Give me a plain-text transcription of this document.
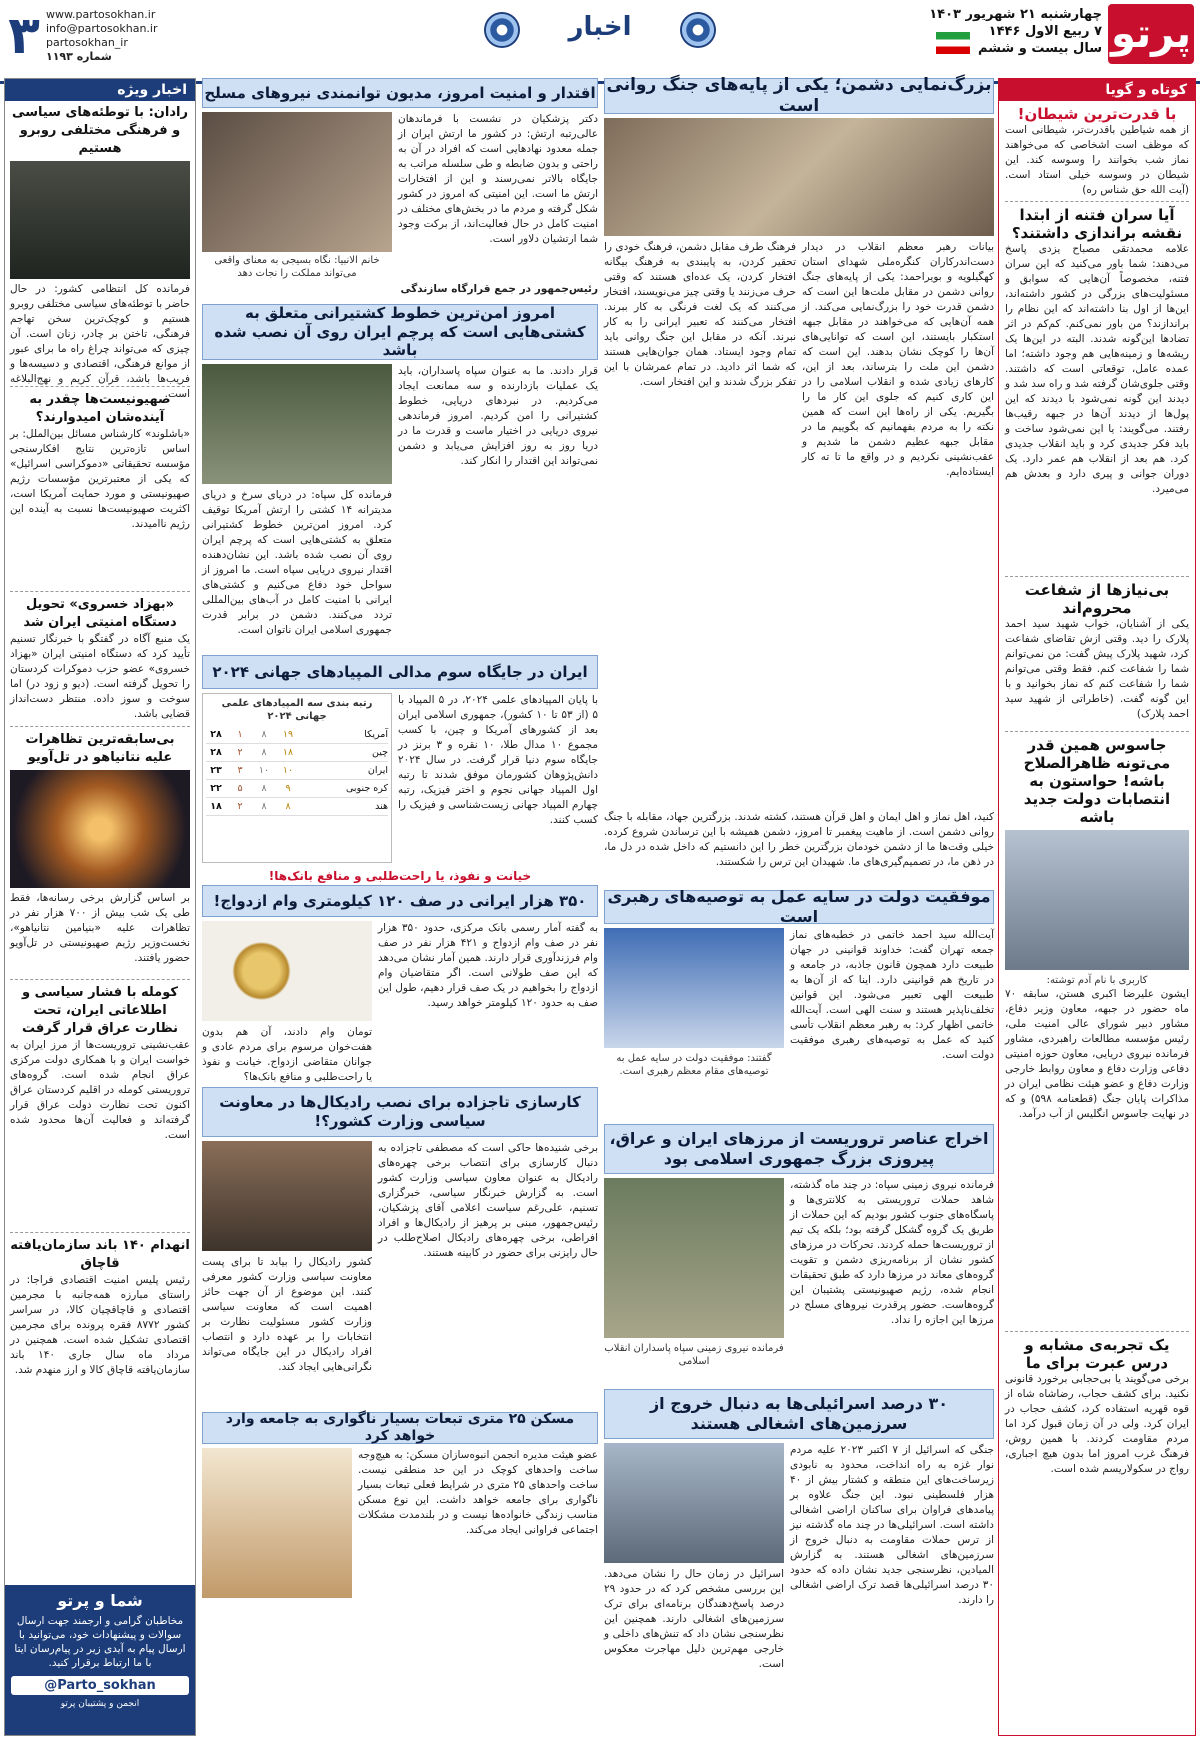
پرتو
چهارشنبه ۲۱ شهریور ۱۴۰۳
۷ ربیع الاول ۱۴۴۶
سال بیست و ششم
اخبار
۳ www.partosokhan.ir
info@partosokhan.ir
partosokhan_ir
شماره ۱۱۹۳
کوتاه و گویا
با قدرت‌ترین شیطان!
از همه شیاطین باقدرت‌تر، شیطانی است که موظف است اشخاصی که می‌خواهند نماز شب بخوانند را وسوسه کند. این شیطان در وسوسه خیلی استاد است. (آیت الله حق شناس ره)
آیا سران فتنه از ابتدا نقشه براندازی داشتند؟
علامه محمدتقی مصباح یزدی پاسخ می‌دهند: شما باور می‌کنید که این سران فتنه، مخصوصاً آن‌هایی که سوابق و مسئولیت‌های بزرگی در کشور داشته‌اند، این‌ها از اول بنا داشته‌اند که این نظام را براندازند؟ من باور نمی‌کنم. کم‌کم در اثر تضادها این‌گونه شدند. البته در این‌ها یک ریشه‌ها و زمینه‌هایی هم وجود داشته؛ اما عمده عامل، توقعاتی است که داشتند. وقتی جلوی‌شان گرفته شد و راه سد شد و دیدند این گونه نمی‌شود با دیدند که این پول‌ها از دیدند آن‌ها در جبهه رقیب‌ها رفتند. می‌گویند: یا این نمی‌شود ساخت و باید فکر جدیدی کرد و باید انقلاب جدیدی کرد. هم بعد از انقلاب هم عمر دارد. یک دوران جوانی و پیری دارد و بعدش هم می‌میرد.
بی‌نیازها از شفاعت محروم‌اند
یکی از آشنایان، خواب شهید سید احمد پلارک را دید. وقتی ازش تقاضای شفاعت کرد، شهید پلارک پیش گفت: من نمی‌توانم شما را شفاعت کنم. فقط وقتی می‌توانم شما را شفاعت کنم که نماز بخوانید و با این گونه گفت. (خاطراتی از شهید سید احمد پلارک)
جاسوس همین قدر می‌تونه ظاهرالصلاح باشه! حواستون به انتصابات دولت جدید باشه
کاربری با نام آدم توشته:
ایشون علیرضا اکبری هستن، سابقه ۷۰ ماه حضور در جبهه، معاون وزیر دفاع، مشاور دبیر شورای عالی امنیت ملی، رئیس مؤسسه مطالعات راهبردی، مشاور فرمانده نیروی دریایی، معاون حوزه امنیتی دفاعی وزارت دفاع و معاون روابط خارجی وزارت دفاع و عضو هیئت نظامی ایران در مذاکرات پایان جنگ (قطعنامه ۵۹۸) و که در نهایت جاسوس انگلیس از آب درآمد.
یک تجربه‌ی مشابه و درس عبرت برای ما
برخی می‌گویند یا بی‌حجابی برخورد قانونی نکنید. برای کشف حجاب، رضاشاه شاه از قوه قهریه استفاده کرد، کشف حجاب در ایران کرد. ولی در آن زمان قبول کرد اما مردم مقاومت کردند. با همین روش، فرهنگ غرب امروز اما بدون هیچ اجباری، رواج در سکولاریسم شده است.
بزرگ‌نمایی دشمن؛ یکی از پایه‌های جنگ روانی است
بیانات رهبر معظم انقلاب در دیدار دست‌اندرکاران کنگره‌ملی شهدای استان کهگیلویه و بویراحمد: یکی از پایه‌های جنگ روانی دشمن در مقابل ملت‌ها این است که دشمن قدرت خود را بزرگ‌نمایی می‌کند. از همه آن‌هایی که می‌خواهند در مقابل جبهه استکبار بایستند، این است که توانایی‌های آن‌ها را کوچک نشان بدهند. این است که دشمن این ملت را بترساند، بعد از این، کارهای زیادی شده و انقلاب اسلامی را در این کاری کنیم که جلوی این کار ما را بگیریم. یکی از راه‌ها این است که همین نکته را به مردم بفهمانیم که بگوییم ما در مقابل جبهه عظیم دشمن ما شدیم و عقب‌نشینی نکردیم و در واقع ما تا ته کار ایستاده‌ایم.
فرهنگ طرف مقابل دشمن، فرهنگ خودی را تحقیر کردن، به پایبندی به فرهنگ بیگانه افتخار کردن، یک عده‌ای هستند که وقتی حرف می‌زنند یا وقتی چیز می‌نویسند، افتخار می‌کنند که یک لغت فرنگی به کار ببرند. افتخار می‌کنند که تعبیر ایرانی را به کار نبرند. آنکه در مقابل این جنگ روانی باید تمام وجود ایستاد. همان جوان‌هایی هستند که شما اثر دادید. در تمام عمرشان با این تفکر بزرگ شدند و این افتخار است.
کنید، اهل نماز و اهل ایمان و اهل قرآن هستند، کشته شدند. بزرگترین جهاد، مقابله با جنگ روانی دشمن است. از ماهیت پیغمبر تا امروز، دشمن همیشه با این ترساندن شروع کرده. خیلی وقت‌ها ما از دشمن خودمان بزرگترین خطر را این دانستیم که داخل شده در دل ما، در ذهن ما، در تصمیم‌گیری‌های ما. شهیدان این ترس را شکستند.
موفقیت دولت در سایه عمل به توصیه‌های رهبری است
آیت‌الله سید احمد خاتمی در خطبه‌های نماز جمعه تهران گفت: خداوند قوانینی در جهان طبیعت دارد همچون قانون جاذبه، در جامعه و در تاریخ هم قوانینی دارد. اینا که از آن‌ها به طبیعت الهی تعبیر می‌شود. این قوانین تخلف‌ناپذیر هستند و سنت الهی است. آیت‌الله خاتمی اظهار کرد: به رهبر معظم انقلاب تأسی کنید که عمل به توصیه‌های رهبری موفقیت دولت است.
گفتند: موفقیت دولت در سایه عمل به توصیه‌های مقام معظم رهبری است.
اخراج عناصر تروریست از مرزهای ایران و عراق، پیروزی بزرگ جمهوری اسلامی بود
فرمانده نیروی زمینی سپاه: در چند ماه گذشته، شاهد حملات تروریستی به کلانتری‌ها و پاسگاه‌های جنوب کشور بودیم که این حملات از طریق یک گروه گشکل گرفته بود؛ بلکه یک تیم از تروریست‌ها حمله کردند. تحرکات در مرزهای کشور نشان از برنامه‌ریزی دشمن و تقویت گروه‌های معاند در مرزها دارد که طبق تحقیقات انجام شده، رژیم صهیونیستی پشتیبان این گروه‌هاست. حضور پرقدرت نیروهای مسلح در مرزها این اجازه را نداد.
فرمانده نیروی زمینی سپاه پاسداران انقلاب اسلامی
۳۰ درصد اسرائیلی‌ها به دنبال خروج از سرزمین‌های اشغالی هستند
جنگی که اسرائیل از ۷ اکتبر ۲۰۲۳ علیه مردم نوار غزه به راه انداخت، محدود به نابودی زیرساخت‌های این منطقه و کشتار بیش از ۴۰ هزار فلسطینی نبود. این جنگ علاوه بر پیامدهای فراوان برای ساکنان اراضی اشغالی داشته است. اسرائیلی‌ها در چند ماه گذشته نیز از ترس حملات مقاومت به دنبال خروج از سرزمین‌های اشغالی هستند. به گزارش المیادین، نظرسنجی جدید نشان داده که حدود ۳۰ درصد اسرائیلی‌ها قصد ترک اراضی اشغالی را دارند.
اسرائیل در زمان حال را نشان می‌دهد. این بررسی مشخص کرد که در حدود ۲۹ درصد پاسخ‌دهندگان برنامه‌ای برای ترک سرزمین‌های اشغالی دارند. همچنین این نظرسنجی نشان داد که تنش‌های داخلی و خارجی مهم‌ترین دلیل مهاجرت معکوس است.
اقتدار و امنیت امروز، مدیون توانمندی نیروهای مسلح
دکتر پزشکیان در نشست با فرماندهان عالی‌رتبه ارتش: در کشور ما ارتش ایران از جمله معدود نهادهایی است که افراد در آن به راحتی و بدون ضابطه و طی سلسله مراتب به جایگاه بالاتر نمی‌رسند و این از افتخارات ارتش ما است. این امنیتی که امروز در کشور شکل گرفته و مردم ما در بخش‌های مختلف در امنیت کامل در حال فعالیت‌اند، از برکت وجود شما ارتشیان دلاور است.
خانم الانبیا: نگاه بسیجی به معنای واقعی می‌تواند مملکت را نجات دهد
رئیس‌جمهور در جمع قرارگاه سازندگی
امروز امن‌ترین خطوط کشتیرانی متعلق به کشتی‌هایی است که پرچم ایران روی آن نصب شده باشد
قرار دادند. ما به عنوان سپاه پاسداران، باید یک عملیات بازدارنده و سه ممانعت ایجاد می‌کردیم. در نبردهای دریایی، خطوط کشتیرانی را امن کردیم. امروز فرماندهی نیروی دریایی در اختیار ماست و قدرت ما در دریا روز به روز افزایش می‌یابد و دشمن نمی‌تواند این اقتدار را انکار کند.
فرمانده کل سپاه: در دریای سرخ و دریای مدیترانه ۱۴ کشتی را ارتش آمریکا توقیف کرد. امروز امن‌ترین خطوط کشتیرانی متعلق به کشتی‌هایی است که پرچم ایران روی آن نصب شده باشد. این نشان‌دهنده اقتدار نیروی دریایی سپاه است. ما امروز از سواحل خود دفاع می‌کنیم و کشتی‌های ایرانی با امنیت کامل در آب‌های بین‌المللی تردد می‌کنند. دشمن در برابر قدرت جمهوری اسلامی ایران ناتوان است.
ایران در جایگاه سوم مدالی المپیادهای جهانی ۲۰۲۴
با پایان المپیادهای علمی ۲۰۲۴، در ۵ المپیاد با ۵ (از ۵۳ تا ۱۰ کشور)، جمهوری اسلامی ایران بعد از کشورهای آمریکا و چین، با کسب مجموع ۱۰ مدال طلا، ۱۰ نقره و ۳ برنز در جایگاه سوم دنیا قرار گرفت. در سال ۲۰۲۴ دانش‌پژوهان کشورمان موفق شدند تا رتبه اول المپیاد جهانی نجوم و اختر فیزیک، رتبه چهارم المپیاد جهانی زیست‌شناسی و فیزیک را کسب کنند.
رتبه بندی سه المپیادهای علمی جهانی ۲۰۲۴
آمریکا
۱۹
۸
۱
۲۸
چین
۱۸
۸
۲
۲۸
ایران
۱۰
۱۰
۳
۲۳
کره جنوبی
۹
۸
۵
۲۲
هند
۸
۸
۲
۱۸
خیانت و نفوذ، یا راحت‌طلبی و منافع بانک‌ها!
۳۵۰ هزار ایرانی در صف ۱۲۰ کیلومتری وام ازدواج!
به گفته آمار رسمی بانک مرکزی، حدود ۳۵۰ هزار نفر در صف وام ازدواج و ۴۲۱ هزار نفر در صف وام فرزندآوری قرار دارند. همین آمار نشان می‌دهد که این صف طولانی است. اگر متقاضیان وام ازدواج را بخواهیم در یک صف قرار دهیم، طول این صف به حدود ۱۲۰ کیلومتر خواهد رسید.
تومان وام دادند، آن هم بدون هفت‌خوان مرسوم برای مردم عادی و جوانان متقاضی ازدواج. خیانت و نفوذ یا راحت‌طلبی و منافع بانک‌ها؟
کارسازی تاجزاده برای نصب رادیکال‌ها در معاونت سیاسی وزارت کشور؟!
برخی شنیده‌ها حاکی است که مصطفی تاجزاده به دنبال کارسازی برای انتصاب برخی چهره‌های رادیکال به عنوان معاون سیاسی وزارت کشور است. به گزارش خبرنگار سیاسی، خبرگزاری تسنیم، علی‌رغم سیاست اعلامی آقای پزشکیان، رئیس‌جمهور، مبنی بر پرهیز از رادیکال‌ها و افراد افراطی، برخی چهره‌های رادیکال اصلاح‌طلب در حال رایزنی برای حضور در کابینه هستند.
کشور رادیکال را بیابد تا برای پست معاونت سیاسی وزارت کشور معرفی کنند. این موضوع از آن جهت حائز اهمیت است که معاونت سیاسی وزارت کشور مسئولیت نظارت بر انتخابات را بر عهده دارد و انتصاب افراد رادیکال در این جایگاه می‌تواند نگرانی‌هایی ایجاد کند.
مسکن ۲۵ متری تبعات بسیار ناگواری به جامعه وارد خواهد کرد
عضو هیئت مدیره انجمن انبوه‌سازان مسکن: به هیچ‌وجه ساخت واحدهای کوچک در این حد منطقی نیست. ساخت واحدهای ۲۵ متری در شرایط فعلی تبعات بسیار ناگواری برای جامعه خواهد داشت. این نوع مسکن مناسب زندگی خانواده‌ها نیست و در بلندمدت مشکلات اجتماعی فراوانی ایجاد می‌کند.
اخبار ویژه
رادان: با توطئه‌های سیاسی و فرهنگی مختلفی روبرو هستیم
فرمانده کل انتظامی کشور: در حال حاضر با توطئه‌های سیاسی مختلفی روبرو هستیم و کوچک‌ترین سخن تهاجم فرهنگی، تاختن بر چادر، زنان است. آن چیزی که می‌تواند چراغ راه ما برای عبور از موانع فرهنگی، اقتصادی و دسیسه‌ها و فریب‌ها باشد، قرآن کریم و نهج‌البلاغه است.
صهیونیست‌ها چقدر به آینده‌شان امیدوارند؟
«باشلوند» کارشناس مسائل بین‌الملل: بر اساس تازه‌ترین نتایج افکارسنجی مؤسسه تحقیقاتی «دموکراسی اسرائیل» که یکی از معتبرترین مؤسسات رژیم صهیونیستی و مورد حمایت آمریکا است، اکثریت صهیونیست‌ها نسبت به آینده این رژیم ناامیدند.
«بهزاد خسروی» تحویل دستگاه امنیتی ایران شد
یک منبع آگاه در گفتگو با خبرنگار تسنیم تأیید کرد که دستگاه امنیتی ایران «بهزاد خسروی» عضو حزب دموکرات کردستان را تحویل گرفته است. (دیو و زود در) اما سوخت و سوز داده. منتظر دست‌انداز قضایی باشد.
بی‌سابقه‌ترین تظاهرات علیه نتانیاهو در تل‌آویو
بر اساس گزارش برخی رسانه‌ها، فقط طی یک شب بیش از ۷۰۰ هزار نفر در تظاهرات علیه «بنیامین نتانیاهو»، نخست‌وزیر رژیم صهیونیستی در تل‌آویو حضور یافتند.
کومله با فشار سیاسی و اطلاعاتی ایران، تحت نظارت عراق قرار گرفت
عقب‌نشینی تروریست‌ها از مرز ایران به خواست ایران و با همکاری دولت مرکزی عراق انجام شده است. گروه‌های تروریستی کومله در اقلیم کردستان عراق اکنون تحت نظارت دولت عراق قرار گرفته‌اند و فعالیت آن‌ها محدود شده است.
انهدام ۱۴۰ باند سازمان‌یافته قاچاق
رئیس پلیس امنیت اقتصادی فراجا: در راستای مبارزه همه‌جانبه با مجرمین اقتصادی و قاچاقچیان کالا، در سراسر کشور ۸۷۷۲ فقره پرونده برای مجرمین اقتصادی تشکیل شده است. همچنین در مرداد ماه سال جاری ۱۴۰ باند سازمان‌یافته قاچاق کالا و ارز منهدم شد.
شما و پرتو
مخاطبان گرامی و ارجمند جهت ارسال سوالات و پیشنهادات خود، می‌توانید با ارسال پیام به آیدی زیر در پیام‌رسان ایتا با ما ارتباط برقرار کنید.
@Parto_sokhan
انجمن و پشتیبان پرتو
